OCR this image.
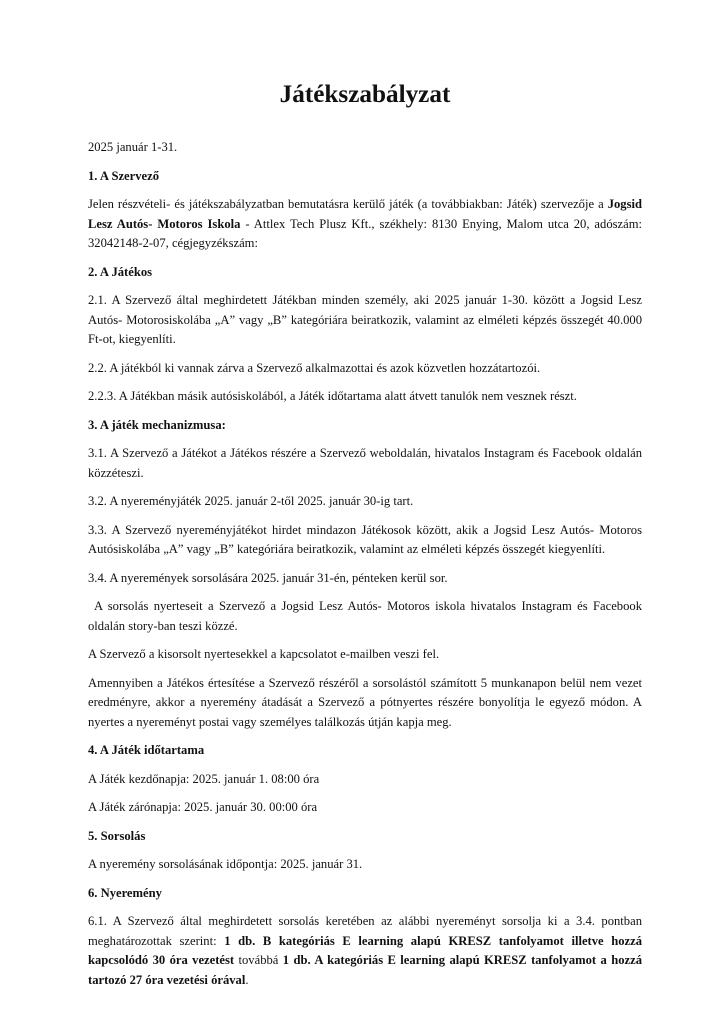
Játékszabályzat

2025 január 1-31.

1. A Szervező

Jelen részvételi- és játékszabályzatban bemutatásra kerülő játék (a továbbiakban: Játék) szervezője a Jogsid Lesz Autós- Motoros Iskola - Attlex Tech Plusz Kft., székhely: 8130 Enying, Malom utca 20, adószám: 32042148-2-07, cégjegyzékszám:

2. A Játékos

2.1. A Szervező által meghirdetett Játékban minden személy, aki 2025 január 1-30. között a Jogsid Lesz Autós- Motorosiskolába „A” vagy „B” kategóriára beiratkozik, valamint az elméleti képzés összegét 40.000 Ft-ot, kiegyenlíti.

2.2. A játékból ki vannak zárva a Szervező alkalmazottai és azok közvetlen hozzátartozói.

2.2.3. A Játékban másik autósiskolából, a Játék időtartama alatt átvett tanulók nem vesznek részt.

3. A játék mechanizmusa:

3.1. A Szervező a Játékot a Játékos részére a Szervező weboldalán, hivatalos Instagram és Facebook oldalán közzéteszi.

3.2. A nyereményjáték 2025. január 2-től 2025. január 30-ig tart.

3.3. A Szervező nyereményjátékot hirdet mindazon Játékosok között, akik a Jogsid Lesz Autós- Motoros Autósiskolába „A” vagy „B” kategóriára beiratkozik, valamint az elméleti képzés összegét kiegyenlíti.

3.4. A nyeremények sorsolására 2025. január 31-én, pénteken kerül sor.

A sorsolás nyerteseit a Szervező a Jogsid Lesz Autós- Motoros iskola hivatalos Instagram és Facebook oldalán story-ban teszi közzé.

A Szervező a kisorsolt nyertesekkel a kapcsolatot e-mailben veszi fel.

Amennyiben a Játékos értesítése a Szervező részéről a sorsolástól számított 5 munkanapon belül nem vezet eredményre, akkor a nyeremény átadását a Szervező a pótnyertes részére bonyolítja le egyező módon. A nyertes a nyereményt postai vagy személyes találkozás útján kapja meg.

4. A Játék időtartama

A Játék kezdőnapja: 2025. január 1. 08:00 óra

A Játék zárónapja: 2025. január 30. 00:00 óra

5. Sorsolás

A nyeremény sorsolásának időpontja: 2025. január 31.

6. Nyeremény

6.1. A Szervező által meghirdetett sorsolás keretében az alábbi nyereményt sorsolja ki a 3.4. pontban meghatározottak szerint: 1 db. B kategóriás E learning alapú KRESZ tanfolyamot illetve hozzá kapcsolódó 30 óra vezetést továbbá 1 db. A kategóriás E learning alapú KRESZ tanfolyamot a hozzá tartozó 27 óra vezetési órával.
